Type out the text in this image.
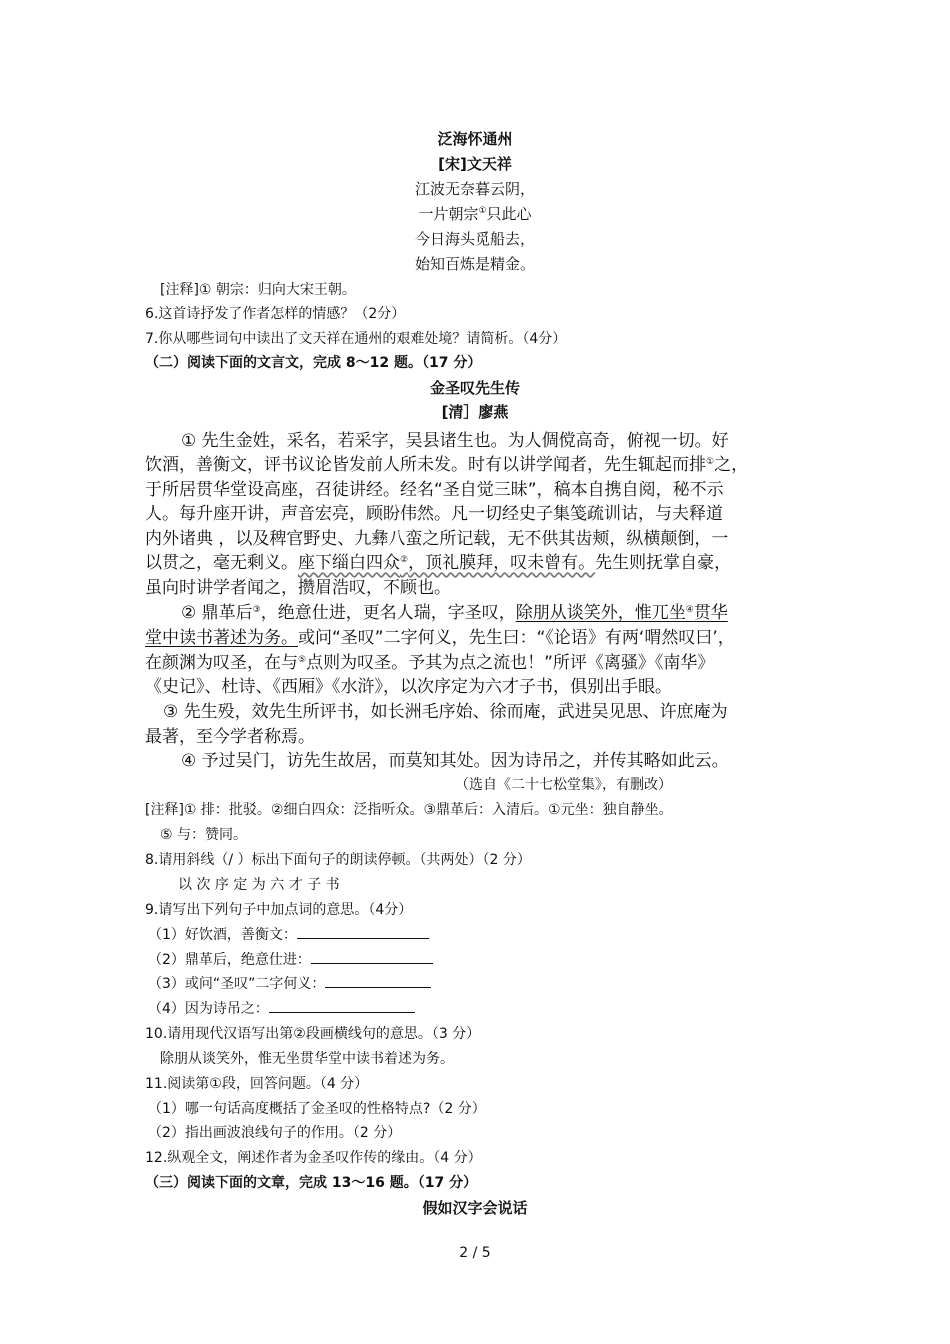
泛海怀通州
[宋]文天祥
江波无奈暮云阴，
一片朝宗①只此心
今日海头觅船去，
始知百炼是精金。
[注释]① 朝宗：归向大宋王朝。
6.这首诗抒发了作者怎样的情感？（2分）
7.你从哪些词句中读出了文天祥在通州的艰难处境？请简析。（4分）
（二）阅读下面的文言文，完成 8～12 题。（17 分）
金圣叹先生传
[清］廖燕
① 先生金姓，采名，若采字，吴县诸生也。为人倜傥高奇，俯视一切。好
饮酒，善衡文，评书议论皆发前人所未发。时有以讲学闻者，先生辄起而排①之，
于所居贯华堂设高座，召徒讲经。经名“圣自觉三昧”，稿本自携自阅，秘不示
人。每升座开讲，声音宏亮，顾盼伟然。凡一切经史子集笺疏训诂，与夫释道
内外诸典 ，以及稗官野史、九彝八蛮之所记载，无不供其齿颊，纵横颠倒，一
以贯之，毫无剩义。座下缁白四众②，顶礼膜拜，叹未曾有。先生则抚掌自豪，
虽向时讲学者闻之，攒眉浩叹，不顾也。
② 鼎革后③，绝意仕进，更名人瑞，字圣叹，除朋从谈笑外，惟兀坐④贯华
堂中读书著述为务。或问“圣叹”二字何义，先生曰：“《论语》有两‘喟然叹曰’，
在颜渊为叹圣，在与⑤点则为叹圣。予其为点之流也！”所评《离骚》《南华》
《史记》、杜诗、《西厢》《水浒》，以次序定为六才子书，俱别出手眼。
③ 先生殁，效先生所评书，如长洲毛序始、徐而庵，武进吴见思、许庶庵为
最著，至今学者称焉。
④ 予过吴门，访先生故居，而莫知其处。因为诗吊之，并传其略如此云。
（选自《二十七松堂集》，有删改）
[注释]① 排：批驳。②细白四众：泛指听众。③鼎革后：入清后。①元坐：独自静坐。
⑤ 与：赞同。
8.请用斜线（/ ）标出下面句子的朗读停顿。（共两处）（2 分）
以 次 序 定 为 六 才 子 书
9.请写出下列句子中加点词的意思。（4分）
（1）好饮酒，善衡文：
（2）鼎革后，绝意仕进：
（3）或问“圣叹”二字何义：
（4）因为诗吊之：
10.请用现代汉语写出第②段画横线句的意思。（3 分）
除朋从谈笑外，惟无坐贯华堂中读书着述为务。
11.阅读第①段，回答问题。（4 分）
（1）哪一句话高度概括了金圣叹的性格特点?（2 分）
（2）指出画波浪线句子的作用。（2 分）
12.纵观全文，阐述作者为金圣叹作传的缘由。（4 分）
（三）阅读下面的文章，完成 13～16 题。（17 分）
假如汉字会说话
2 / 5
